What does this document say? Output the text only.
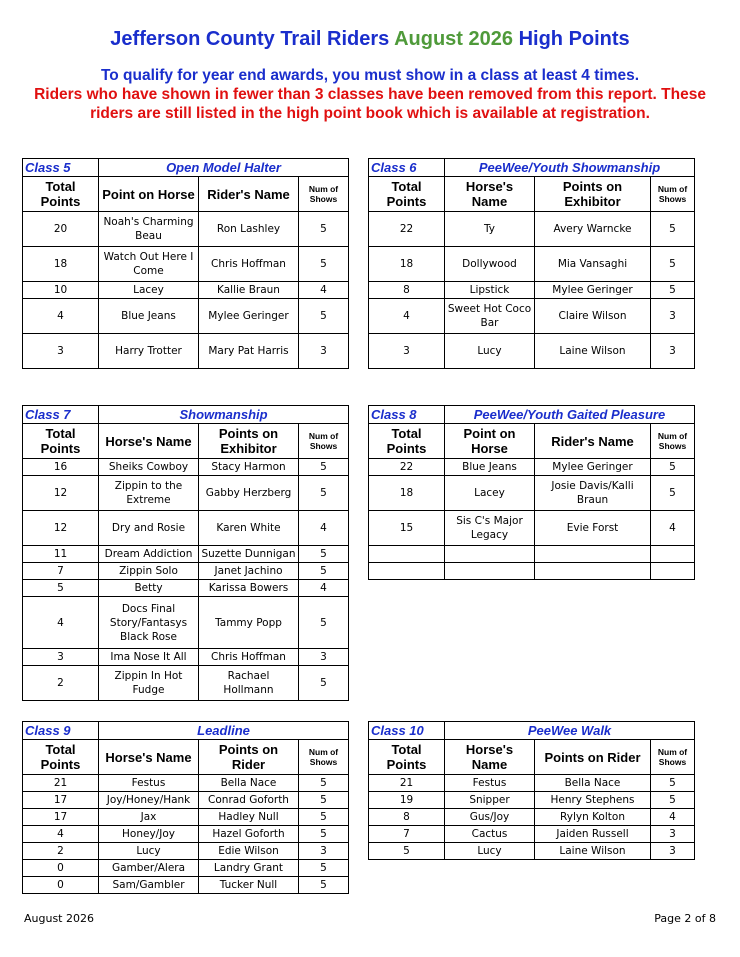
Jefferson County Trail Riders August 2026 High Points
To qualify for year end awards, you must show in a class at least 4 times.
Riders who have shown in fewer than 3 classes have been removed from this report. These riders are still listed in the high point book which is available at registration.
Class 5	Open Model Halter		
Total Points	Point on Horse	Rider's Name	Num of Shows
20	Noah's Charming Beau	Ron Lashley	5
18	Watch Out Here I Come	Chris Hoffman	5
10	Lacey	Kallie Braun	4
4	Blue Jeans	Mylee Geringer	5
3	Harry Trotter	Mary Pat Harris	3
Class 6	PeeWee/Youth Showmanship		
Total Points	Horse's Name	Points on Exhibitor	Num of Shows
22	Ty	Avery Warncke	5
18	Dollywood	Mia Vansaghi	5
8	Lipstick	Mylee Geringer	5
4	Sweet Hot Coco Bar	Claire Wilson	3
3	Lucy	Laine Wilson	3
Class 7	Showmanship		
Total Points	Horse's Name	Points on Exhibitor	Num of Shows
16	Sheiks Cowboy	Stacy Harmon	5
12	Zippin to the Extreme	Gabby Herzberg	5
12	Dry and Rosie	Karen White	4
11	Dream Addiction	Suzette Dunnigan	5
7	Zippin Solo	Janet Jachino	5
5	Betty	Karissa Bowers	4
4	Docs Final Story/Fantasys Black Rose	Tammy Popp	5
3	Ima Nose It All	Chris Hoffman	3
2	Zippin In Hot Fudge	Rachael Hollmann	5
Class 8	PeeWee/Youth Gaited Pleasure		
Total Points	Point on Horse	Rider's Name	Num of Shows
22	Blue Jeans	Mylee Geringer	5
18	Lacey	Josie Davis/Kalli Braun	5
15	Sis C's Major Legacy	Evie Forst	4

Class 9	Leadline		
Total Points	Horse's Name	Points on Rider	Num of Shows
21	Festus	Bella Nace	5
17	Joy/Honey/Hank	Conrad Goforth	5
17	Jax	Hadley Null	5
4	Honey/Joy	Hazel Goforth	5
2	Lucy	Edie Wilson	3
0	Gamber/Alera	Landry Grant	5
0	Sam/Gambler	Tucker Null	5
Class 10	PeeWee Walk		
Total Points	Horse's Name	Points on Rider	Num of Shows
21	Festus	Bella Nace	5
19	Snipper	Henry Stephens	5
8	Gus/Joy	Rylyn Kolton	4
7	Cactus	Jaiden Russell	3
5	Lucy	Laine Wilson	3
August 2026	Page 2 of 8
